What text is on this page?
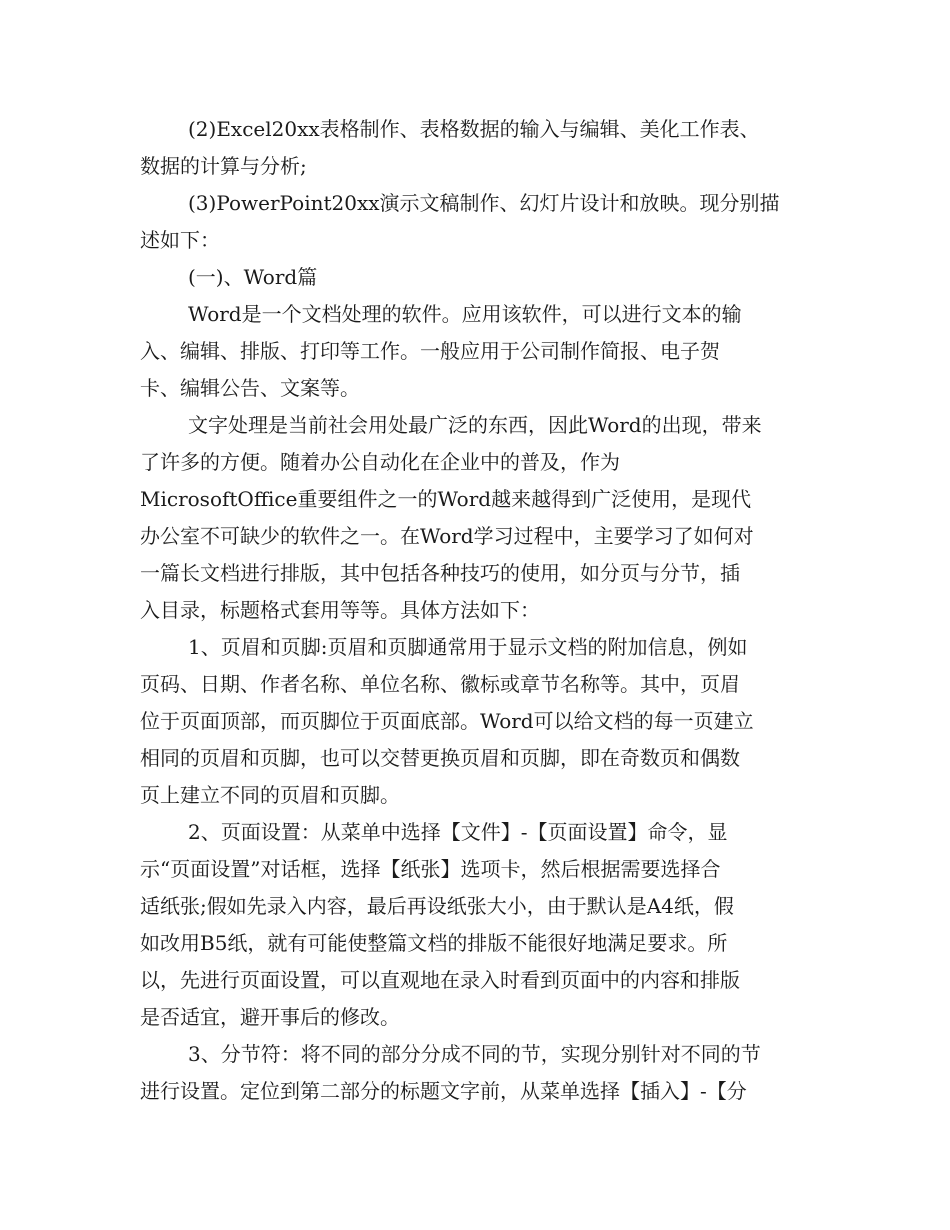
(2)Excel20xx表格制作、表格数据的输入与编辑、美化工作表、
数据的计算与分析;
(3)PowerPoint20xx演示文稿制作、幻灯片设计和放映。现分别描
述如下：
(一)、Word篇
Word是一个文档处理的软件。应用该软件，可以进行文本的输
入、编辑、排版、打印等工作。一般应用于公司制作简报、电子贺
卡、编辑公告、文案等。
文字处理是当前社会用处最广泛的东西，因此Word的出现，带来
了许多的方便。随着办公自动化在企业中的普及，作为
MicrosoftOffice重要组件之一的Word越来越得到广泛使用，是现代
办公室不可缺少的软件之一。在Word学习过程中，主要学习了如何对
一篇长文档进行排版，其中包括各种技巧的使用，如分页与分节，插
入目录，标题格式套用等等。具体方法如下：
1、页眉和页脚:页眉和页脚通常用于显示文档的附加信息，例如
页码、日期、作者名称、单位名称、徽标或章节名称等。其中，页眉
位于页面顶部，而页脚位于页面底部。Word可以给文档的每一页建立
相同的页眉和页脚，也可以交替更换页眉和页脚，即在奇数页和偶数
页上建立不同的页眉和页脚。
2、页面设置：从菜单中选择【文件】-【页面设置】命令，显
示“页面设置”对话框，选择【纸张】选项卡，然后根据需要选择合
适纸张;假如先录入内容，最后再设纸张大小，由于默认是A4纸，假
如改用B5纸，就有可能使整篇文档的排版不能很好地满足要求。所
以，先进行页面设置，可以直观地在录入时看到页面中的内容和排版
是否适宜，避开事后的修改。
3、分节符：将不同的部分分成不同的节，实现分别针对不同的节
进行设置。定位到第二部分的标题文字前，从菜单选择【插入】-【分
